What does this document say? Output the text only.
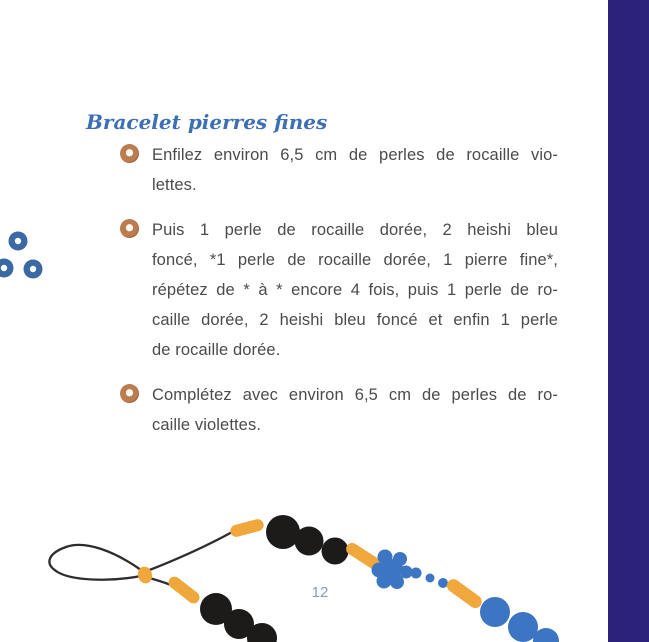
Bracelet pierres fines
Enfilez environ 6,5 cm de perles de rocaille vio-
lettes.
Puis 1 perle de rocaille dorée, 2 heishi bleu
foncé, *1 perle de rocaille dorée, 1 pierre fine*,
répétez de * à * encore 4 fois, puis 1 perle de ro-
caille dorée, 2 heishi bleu foncé et enfin 1 perle
de rocaille dorée.
Complétez avec environ 6,5 cm de perles de ro-
caille violettes.
12
